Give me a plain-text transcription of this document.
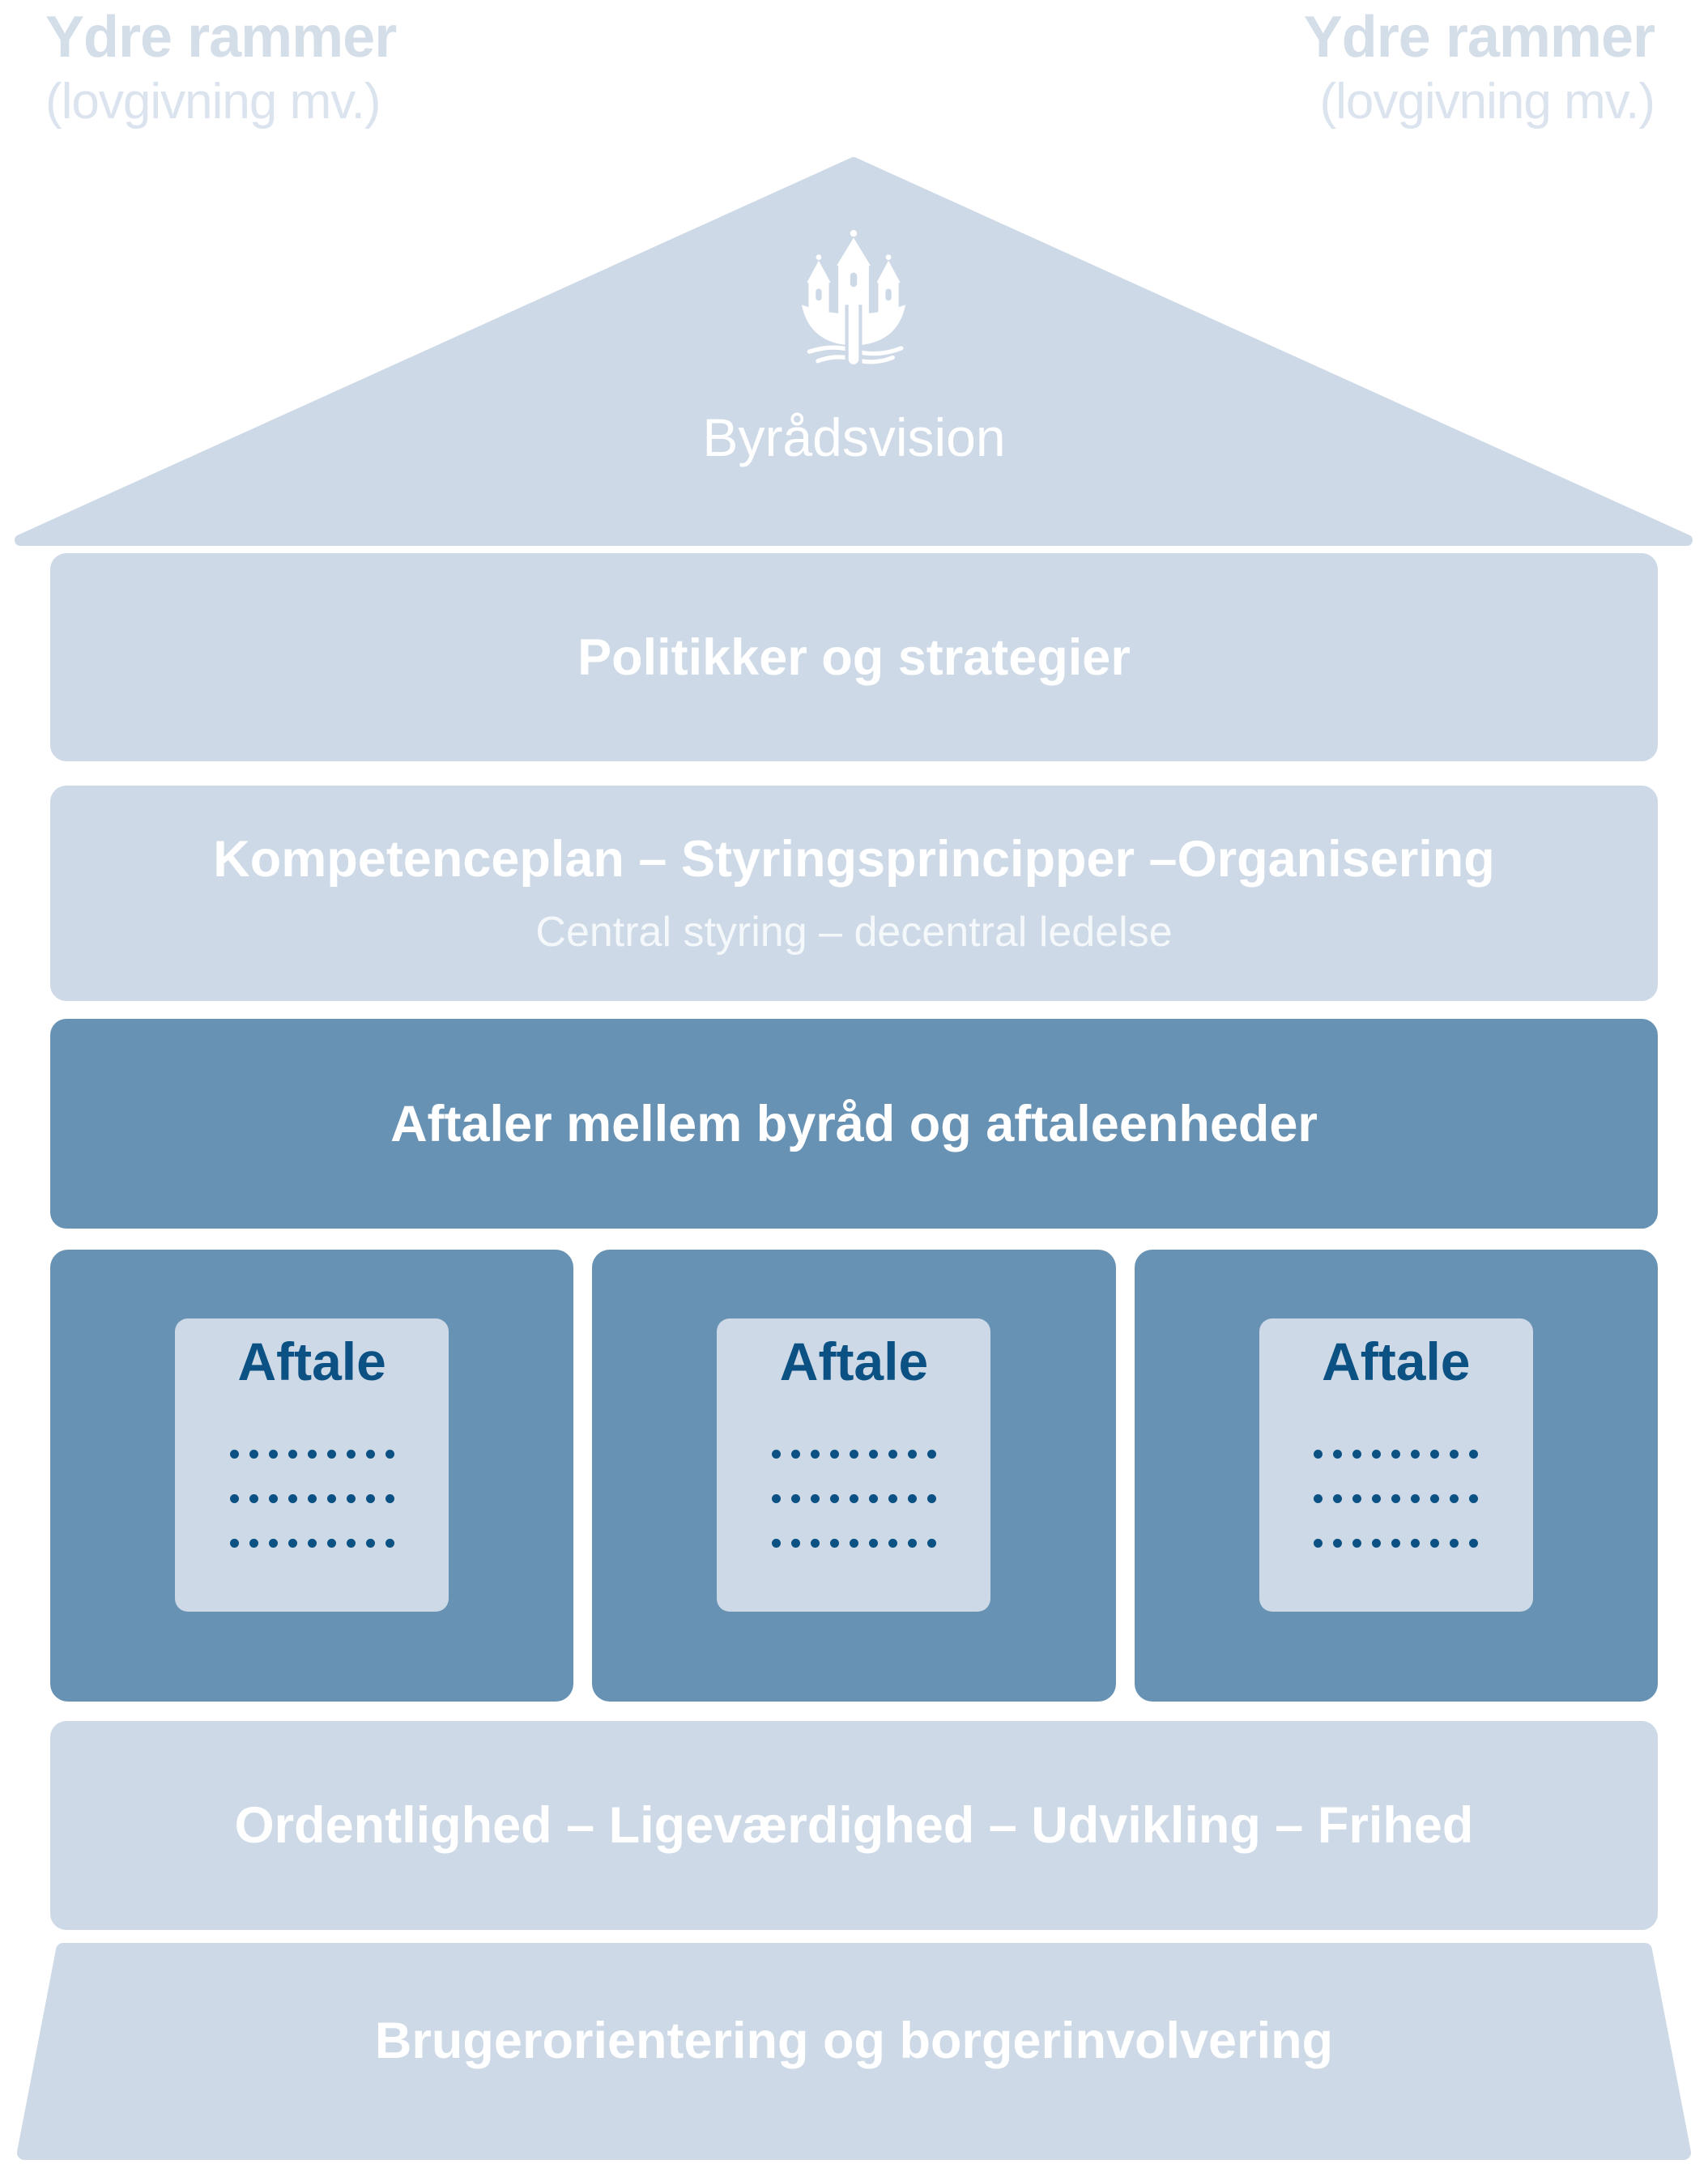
Ydre rammer
(lovgivning mv.)
Ydre rammer
(lovgivning mv.)
Byrådsvision
Politikker og strategier
Kompetenceplan – Styringsprincipper –Organisering
Central styring – decentral ledelse
Aftaler mellem byråd og aftaleenheder
Aftale	Aftale	Aftale
Ordentlighed – Ligeværdighed – Udvikling – Frihed
Brugerorientering og borgerinvolvering
